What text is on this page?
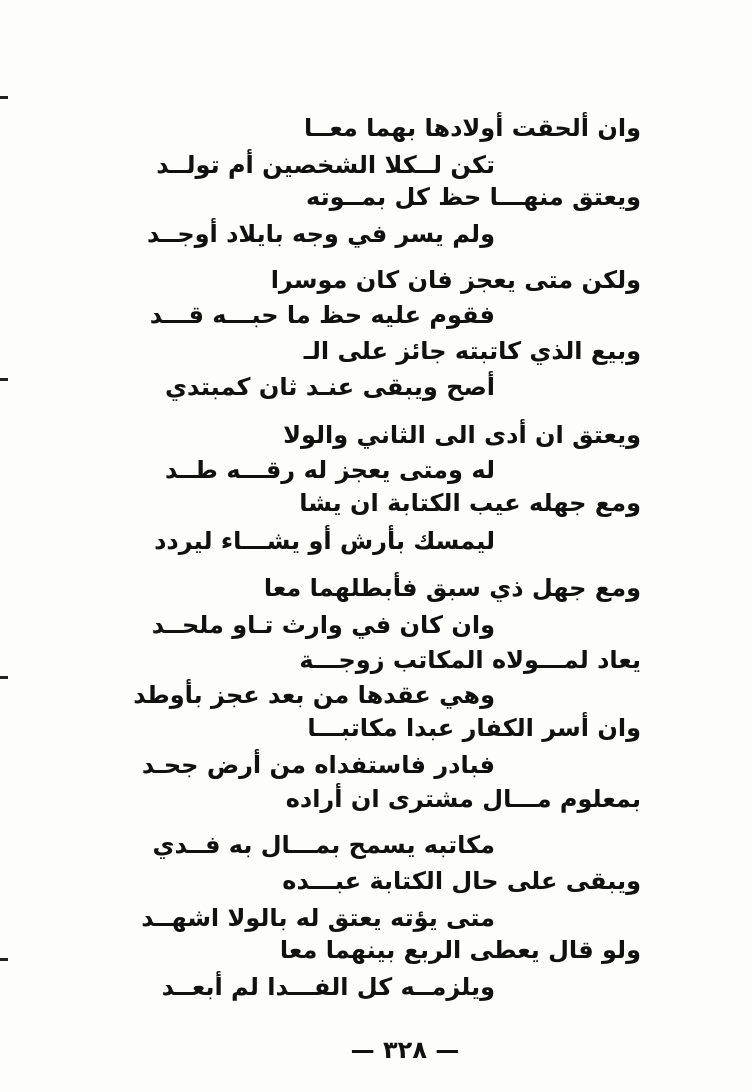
وان ألحقت أولادها بهما معــا
تكن لــكلا الشخصين أم تولــد
ويعتق منهـــا حظ كل بمــوته
ولم يسر في وجه بايلاد أوجــد
ولكن متى يعجز فان كان موسرا
فقوم عليه حظ ما حبـــه قـــد
وبيع الذي كاتبته جائز على الـ
أصح ويبقى عنـد ثان كمبتدي
ويعتق ان أدى الى الثاني والولا
له ومتى يعجز له رقـــه طــد
ومع جهله عيب الكتابة ان يشا
ليمسك بأرش أو يشـــاء ليردد
ومع جهل ذي سبق فأبطلهما معا
وان كان في وارث تـاو ملحــد
يعاد لمـــولاه المكاتب زوجـــة
وهي عقدها من بعد عجز بأوطد
وان أسر الكفار عبدا مكاتبـــا
فبادر فاستفداه من أرض جحـد
بمعلوم مـــال مشترى ان أراده
مكاتبه يسمح بمـــال به فــدي
ويبقى على حال الكتابة عبـــده
متى يؤته يعتق له بالولا اشهــد
ولو قال يعطى الربع بينهما معا
ويلزمــه كل الفـــدا لم أبعــد
— ٣٢٨ —
